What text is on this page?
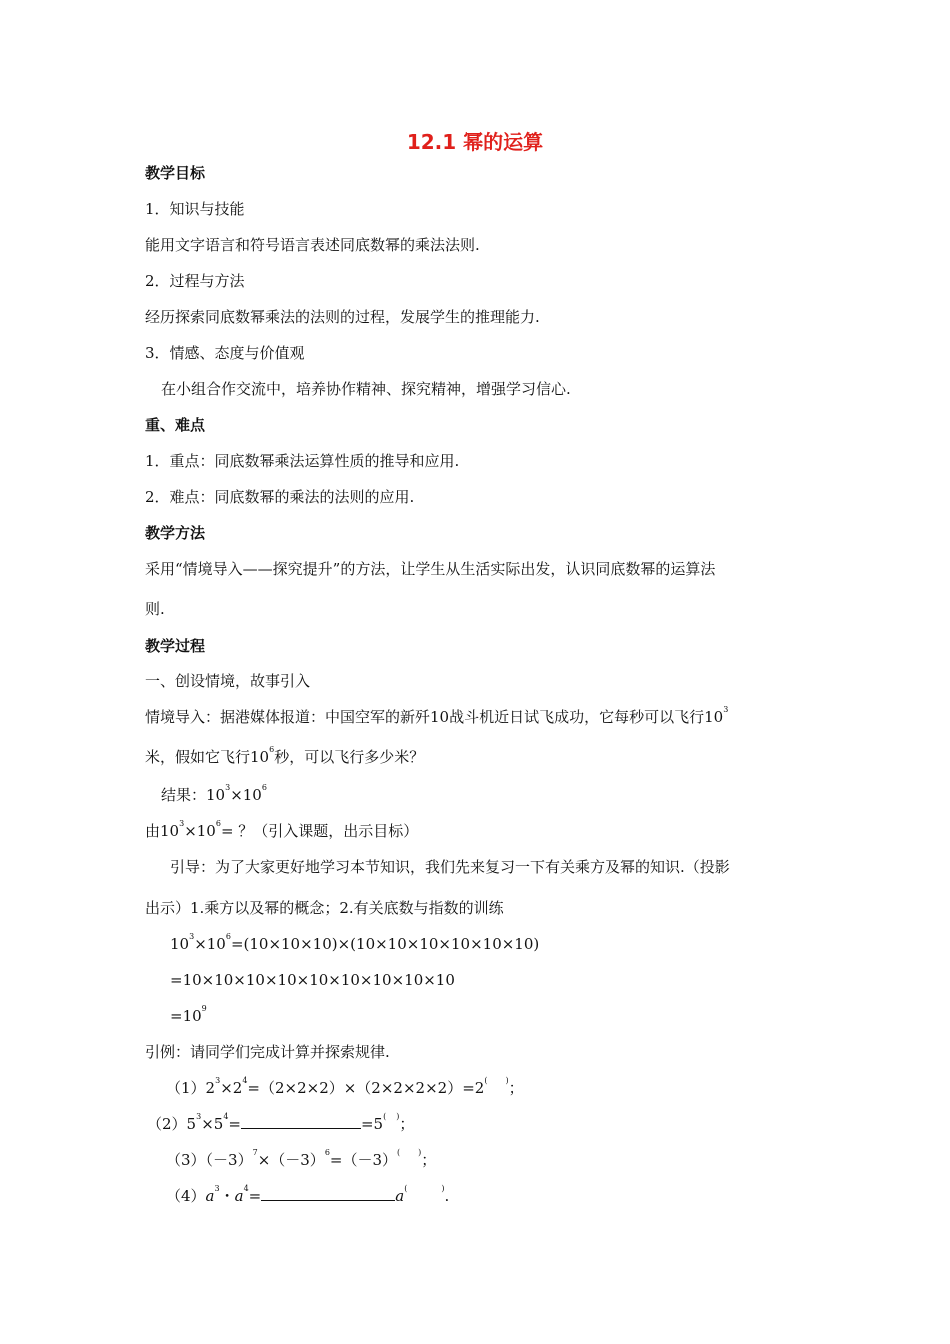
12.1 幂的运算
教学目标
1．知识与技能
能用文字语言和符号语言表述同底数幂的乘法法则.
2．过程与方法
经历探索同底数幂乘法的法则的过程，发展学生的推理能力.
3．情感、态度与价值观
在小组合作交流中，培养协作精神、探究精神，增强学习信心.
重、难点
1．重点：同底数幂乘法运算性质的推导和应用.
2．难点：同底数幂的乘法的法则的应用.
教学方法
采用“情境导入——探究提升”的方法，让学生从生活实际出发，认识同底数幂的运算法
则.
教学过程
一、创设情境，故事引入
情境导入：据港媒体报道：中国空军的新歼10战斗机近日试飞成功，它每秒可以飞行$10^3$
米，假如它飞行$10^6$秒，可以飞行多少米？
结果：$10^3\times 10^6$
由$10^3\times 10^6=$ ？（引入课题，出示目标）
引导：为了大家更好地学习本节知识，我们先来复习一下有关乘方及幂的知识.（投影
出示）1.乘方以及幂的概念；2.有关底数与指数的训练
$10^3\times 10^6=(10\times 10\times 10)\times(10\times 10\times 10\times 10\times 10\times 10)$
=10×10×10×10×10×10×10×10×10
$=10^9$
引例：请同学们完成计算并探索规律.
$(1)2^3\times 2^4=(2\times 2\times 2)\times(2\times 2\times 2\times 2)=2^{( )}$；
$(2)5^3\times 5^4=$	=5( )；
$(3)(-3)^7\times(-3)^6=(-3)^{( )}$；
$(4)a^3$・$a^4=$	a(	).
